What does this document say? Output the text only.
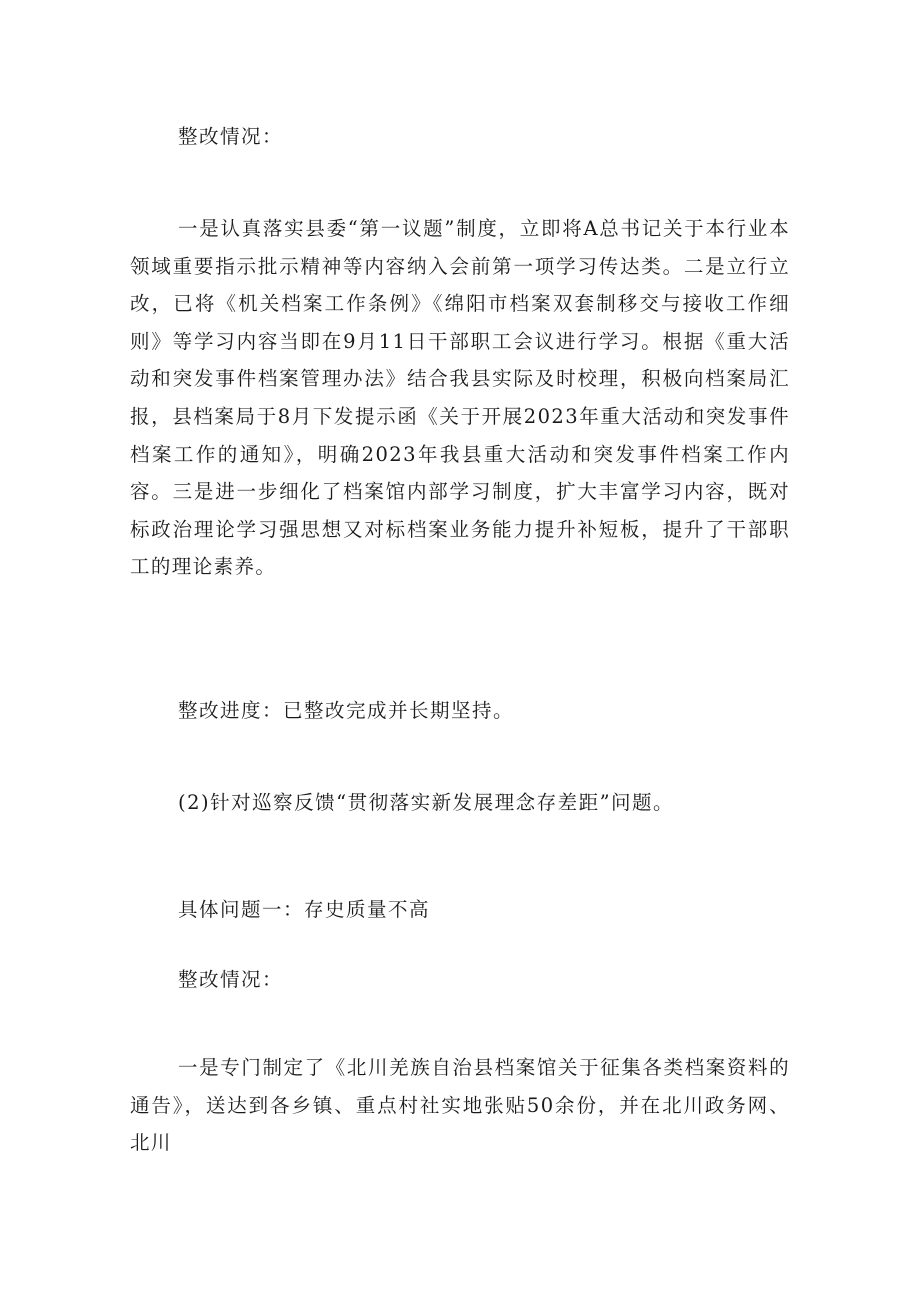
整改情况：
一是认真落实县委“第一议题”制度，立即将A总书记关于本行业本领域重要指示批示精神等内容纳入会前第一项学习传达类。二是立行立改，已将《机关档案工作条例》《绵阳市档案双套制移交与接收工作细则》等学习内容当即在9月11日干部职工会议进行学习。根据《重大活动和突发事件档案管理办法》结合我县实际及时校理，积极向档案局汇报，县档案局于8月下发提示函《关于开展2023年重大活动和突发事件档案工作的通知》，明确2023年我县重大活动和突发事件档案工作内容。三是进一步细化了档案馆内部学习制度，扩大丰富学习内容，既对标政治理论学习强思想又对标档案业务能力提升补短板，提升了干部职工的理论素养。
整改进度：已整改完成并长期坚持。
(2)针对巡察反馈“贯彻落实新发展理念存差距”问题。
具体问题一：存史质量不高
整改情况：
一是专门制定了《北川羌族自治县档案馆关于征集各类档案资料的通告》，送达到各乡镇、重点村社实地张贴50余份，并在北川政务网、北川
